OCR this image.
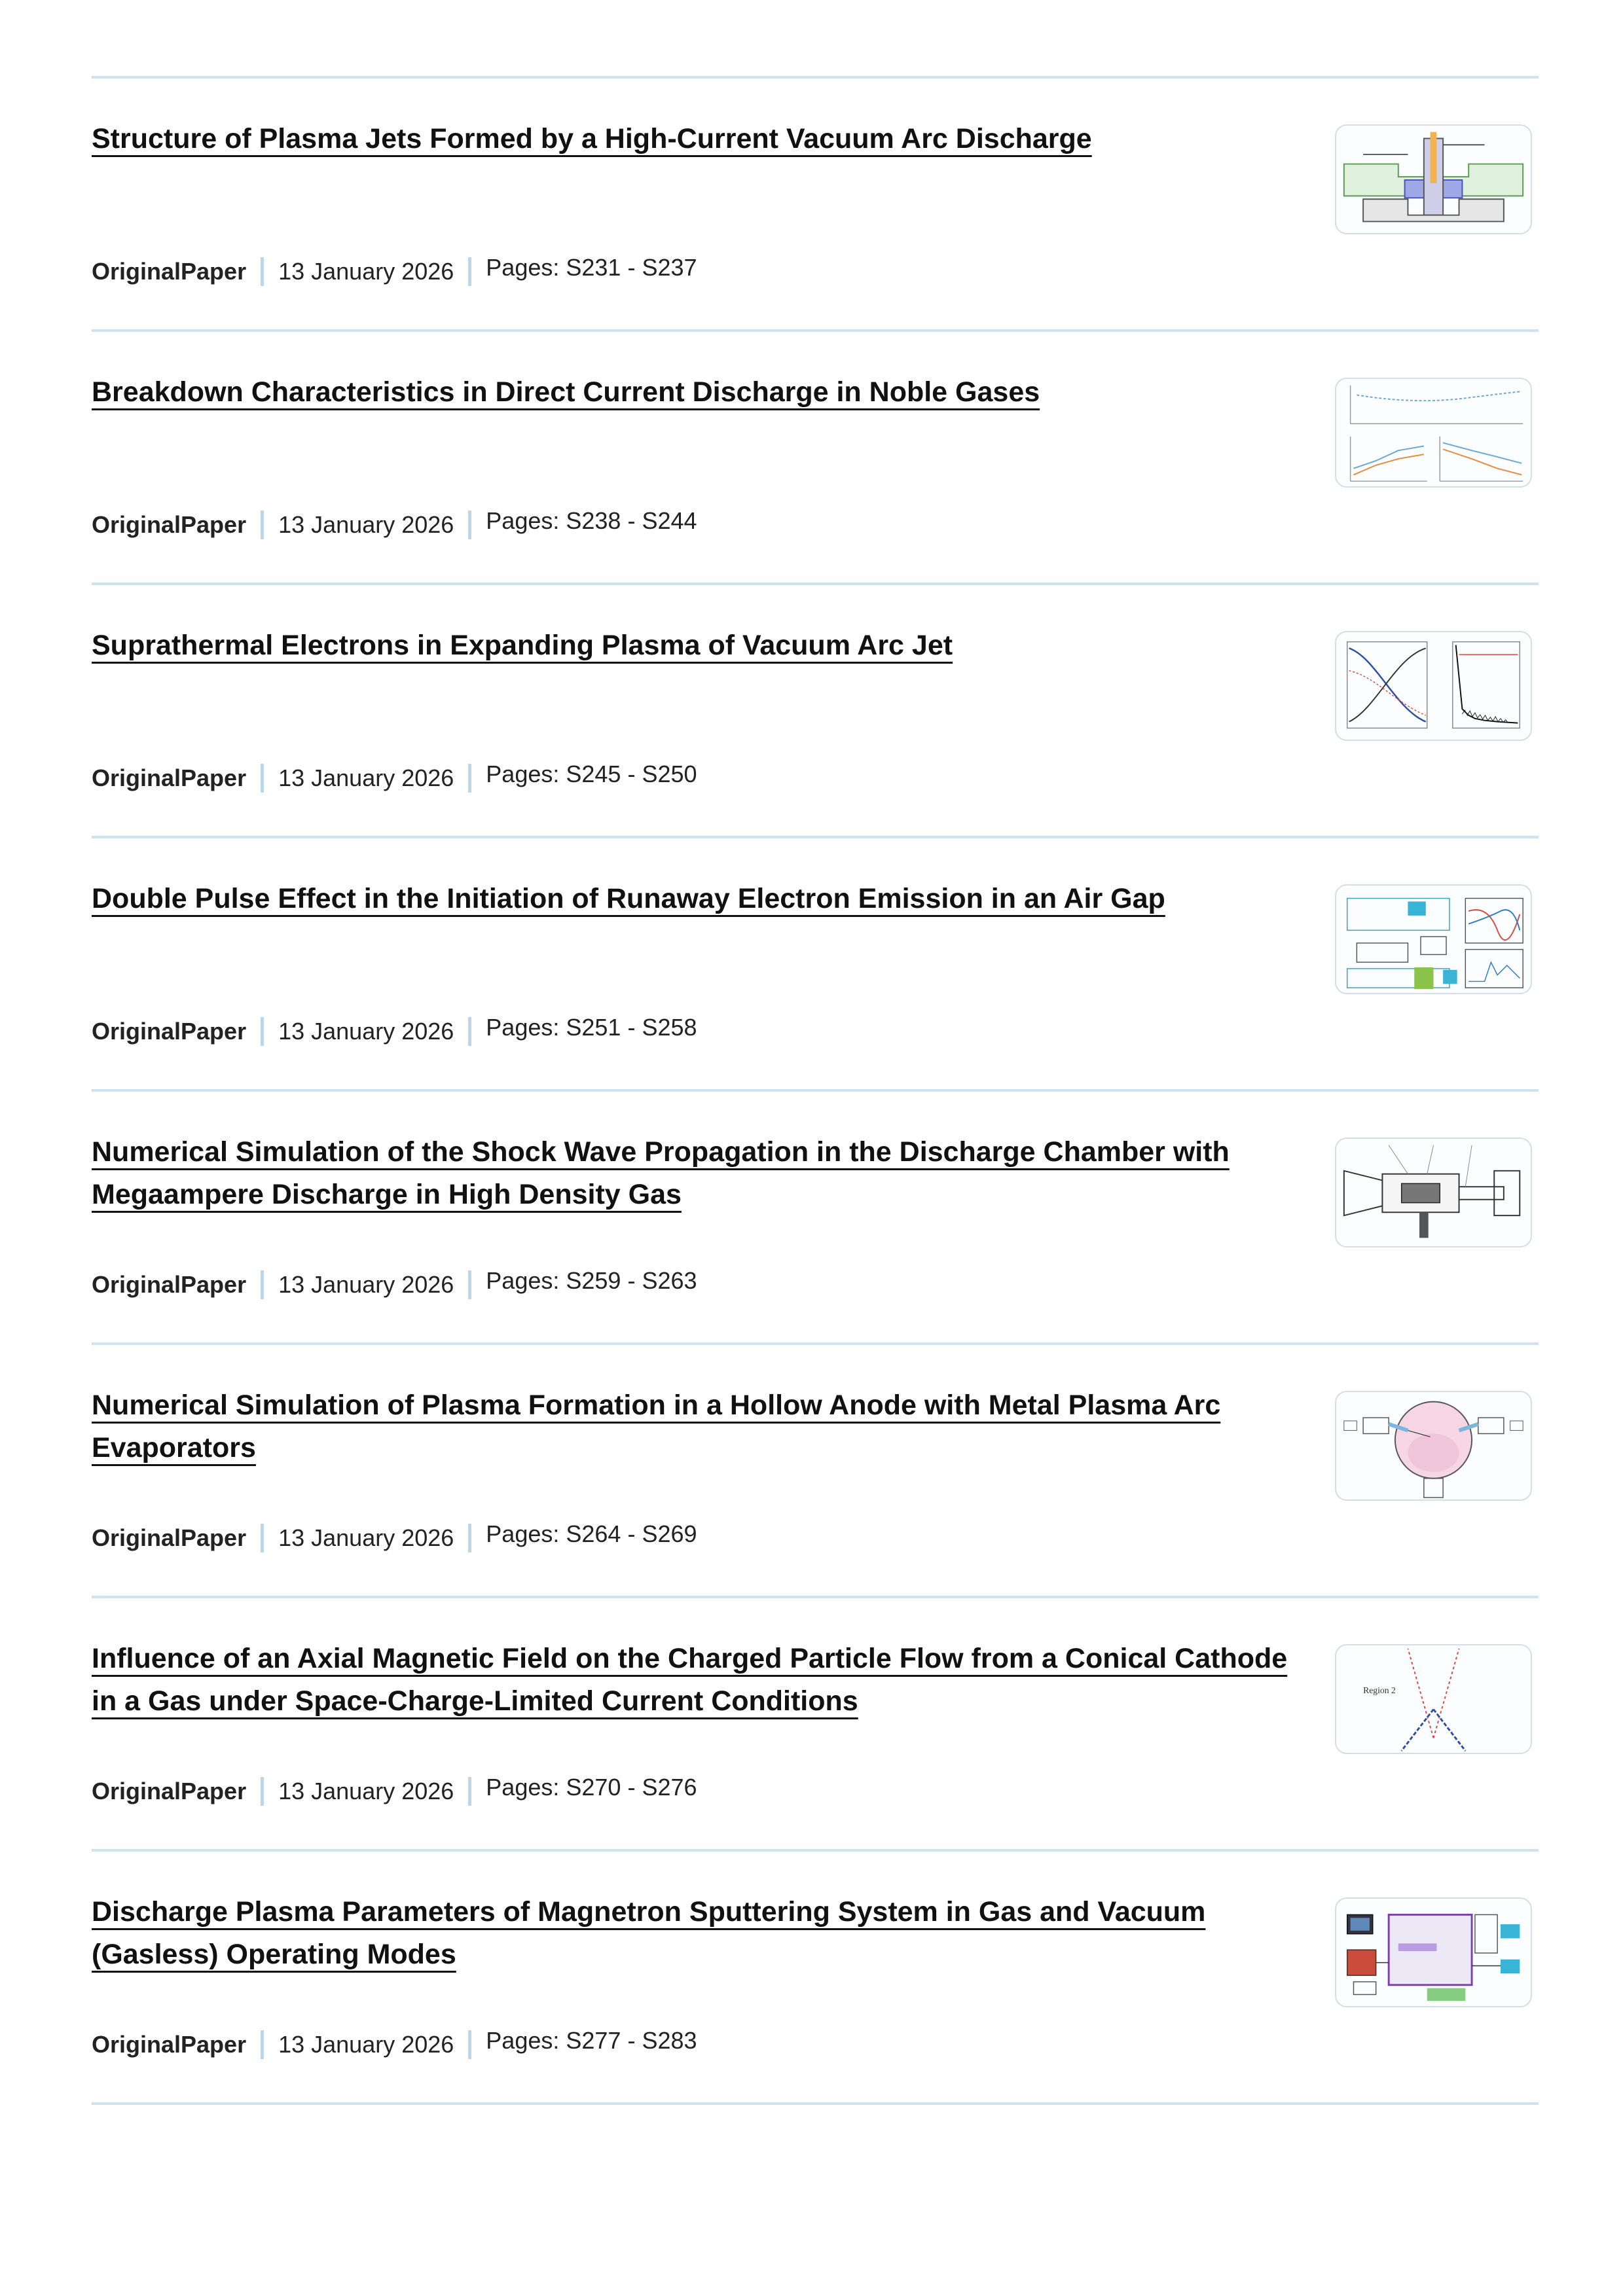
Structure of Plasma Jets Formed by a High-Current Vacuum Arc Discharge
OriginalPaper 13 January 2026 Pages: S231 - S237
Breakdown Characteristics in Direct Current Discharge in Noble Gases
OriginalPaper 13 January 2026 Pages: S238 - S244
Suprathermal Electrons in Expanding Plasma of Vacuum Arc Jet
OriginalPaper 13 January 2026 Pages: S245 - S250
Double Pulse Effect in the Initiation of Runaway Electron Emission in an Air Gap
OriginalPaper 13 January 2026 Pages: S251 - S258
Numerical Simulation of the Shock Wave Propagation in the Discharge Chamber with Megaampere Discharge in High Density Gas
OriginalPaper 13 January 2026 Pages: S259 - S263
Numerical Simulation of Plasma Formation in a Hollow Anode with Metal Plasma Arc Evaporators
OriginalPaper 13 January 2026 Pages: S264 - S269
Influence of an Axial Magnetic Field on the Charged Particle Flow from a Conical Cathode in a Gas under Space-Charge-Limited Current Conditions
OriginalPaper 13 January 2026 Pages: S270 - S276
Region 2
Discharge Plasma Parameters of Magnetron Sputtering System in Gas and Vacuum (Gasless) Operating Modes
OriginalPaper 13 January 2026 Pages: S277 - S283
